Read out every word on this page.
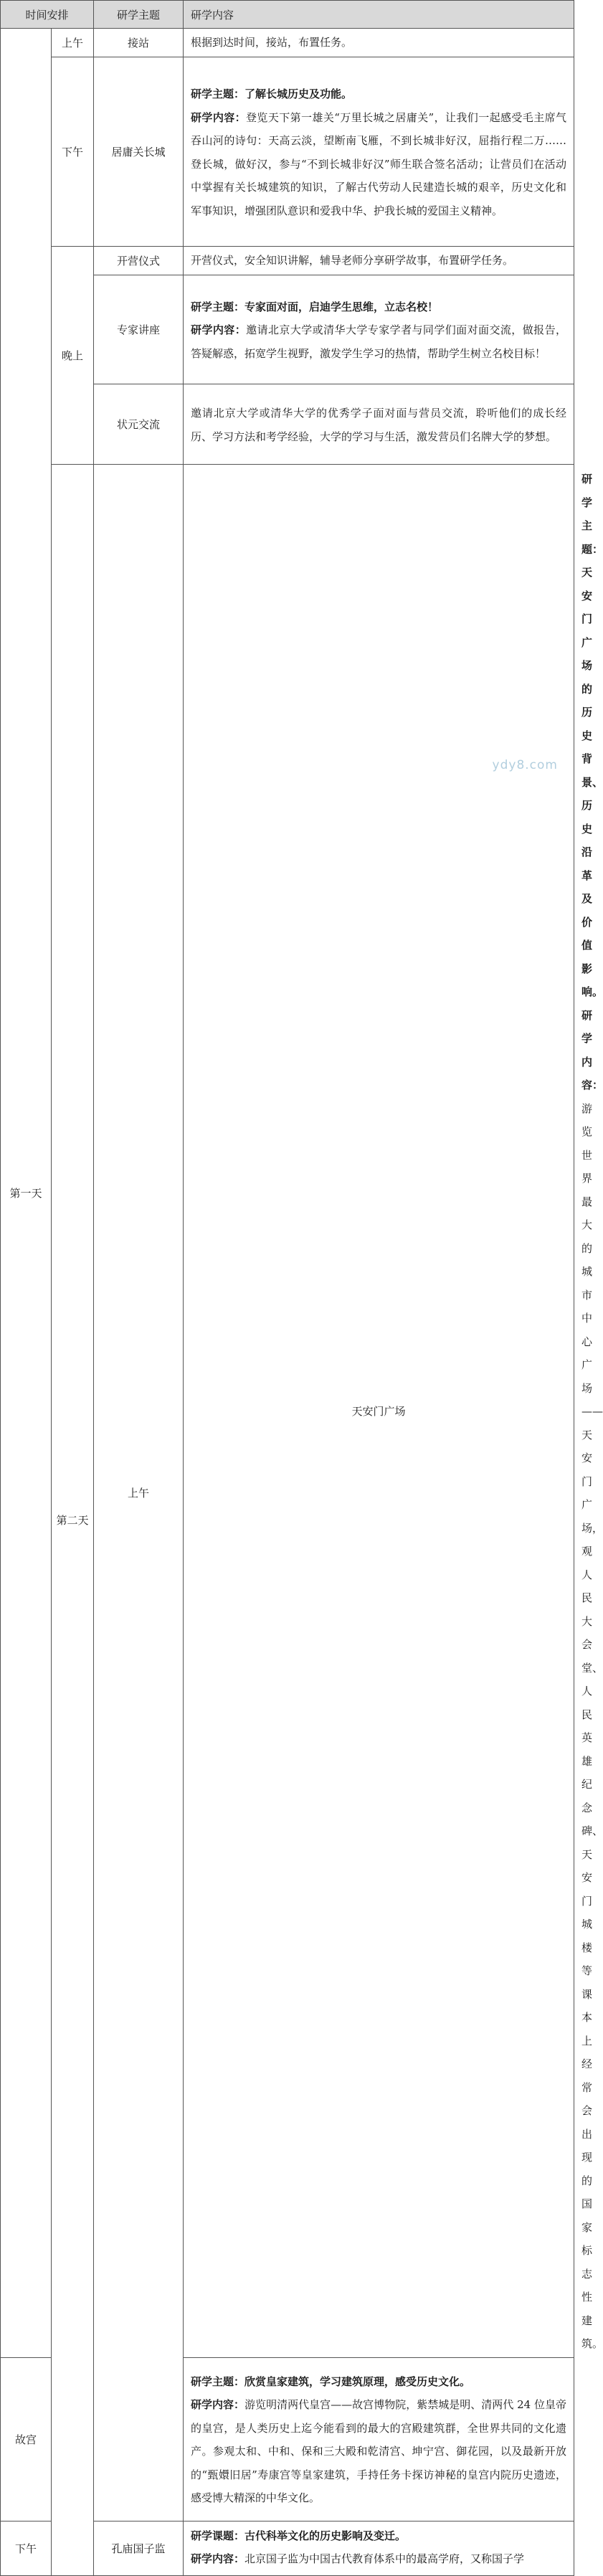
时间安排		研学主题	研学内容	
第一天	上午	接站	根据到达时间，接站，布置任务。	
	下午	居庸关长城	研学主题：了解长城历史及功能。

研学内容：登览天下第一雄关“万里长城之居庸关”，让我们一起感受毛主席气吞山河的诗句：天高云淡，望断南飞雁，不到长城非好汉，屈指行程二万……登长城，做好汉，参与“不到长城非好汉”师生联合签名活动；让营员们在活动中掌握有关长城建筑的知识，了解古代劳动人民建造长城的艰辛，历史文化和军事知识，增强团队意识和爱我中华、护我长城的爱国主义精神。	

	晚上	开营仪式	开营仪式，安全知识讲解，辅导老师分享研学故事，布置研学任务。	
		专家讲座	研学主题：专家面对面，启迪学生思维，立志名校！

研学内容：邀请北京大学或清华大学专家学者与同学们面对面交流，做报告，答疑解惑，拓宽学生视野，激发学生学习的热情，帮助学生树立名校目标！	

		状元交流	邀请北京大学或清华大学的优秀学子面对面与营员交流，聆听他们的成长经历、学习方法和考学经验，大学的学习与生活，激发营员们名牌大学的梦想。	
	第二天	上午	天安门广场	研学主题：天安门广场的历史背景、历史沿革及价值影响。

研学内容：游览世界最大的城市中心广场——天安门广场，观人民大会堂、人民英雄纪念碑、天安门城楼等课本上经常会出现的国家标志性建筑。

故宫			研学主题：欣赏皇家建筑，学习建筑原理，感受历史文化。

研学内容：游览明清两代皇宫——故宫博物院，紫禁城是明、清两代 24 位皇帝的皇宫，是人类历史上迄今能看到的最大的宫殿建筑群，全世界共同的文化遗产。参观太和、中和、保和三大殿和乾清宫、坤宁宫、御花园，以及最新开放的“甄嬛旧居”寿康宫等皇家建筑，手持任务卡探访神秘的皇宫内院历史遗迹，感受博大精深的中华文化。	

下午		孔庙国子监	研学课题：古代科举文化的历史影响及变迁。

研学内容：北京国子监为中国古代教育体系中的最高学府，又称国子学	

ydy8.com
